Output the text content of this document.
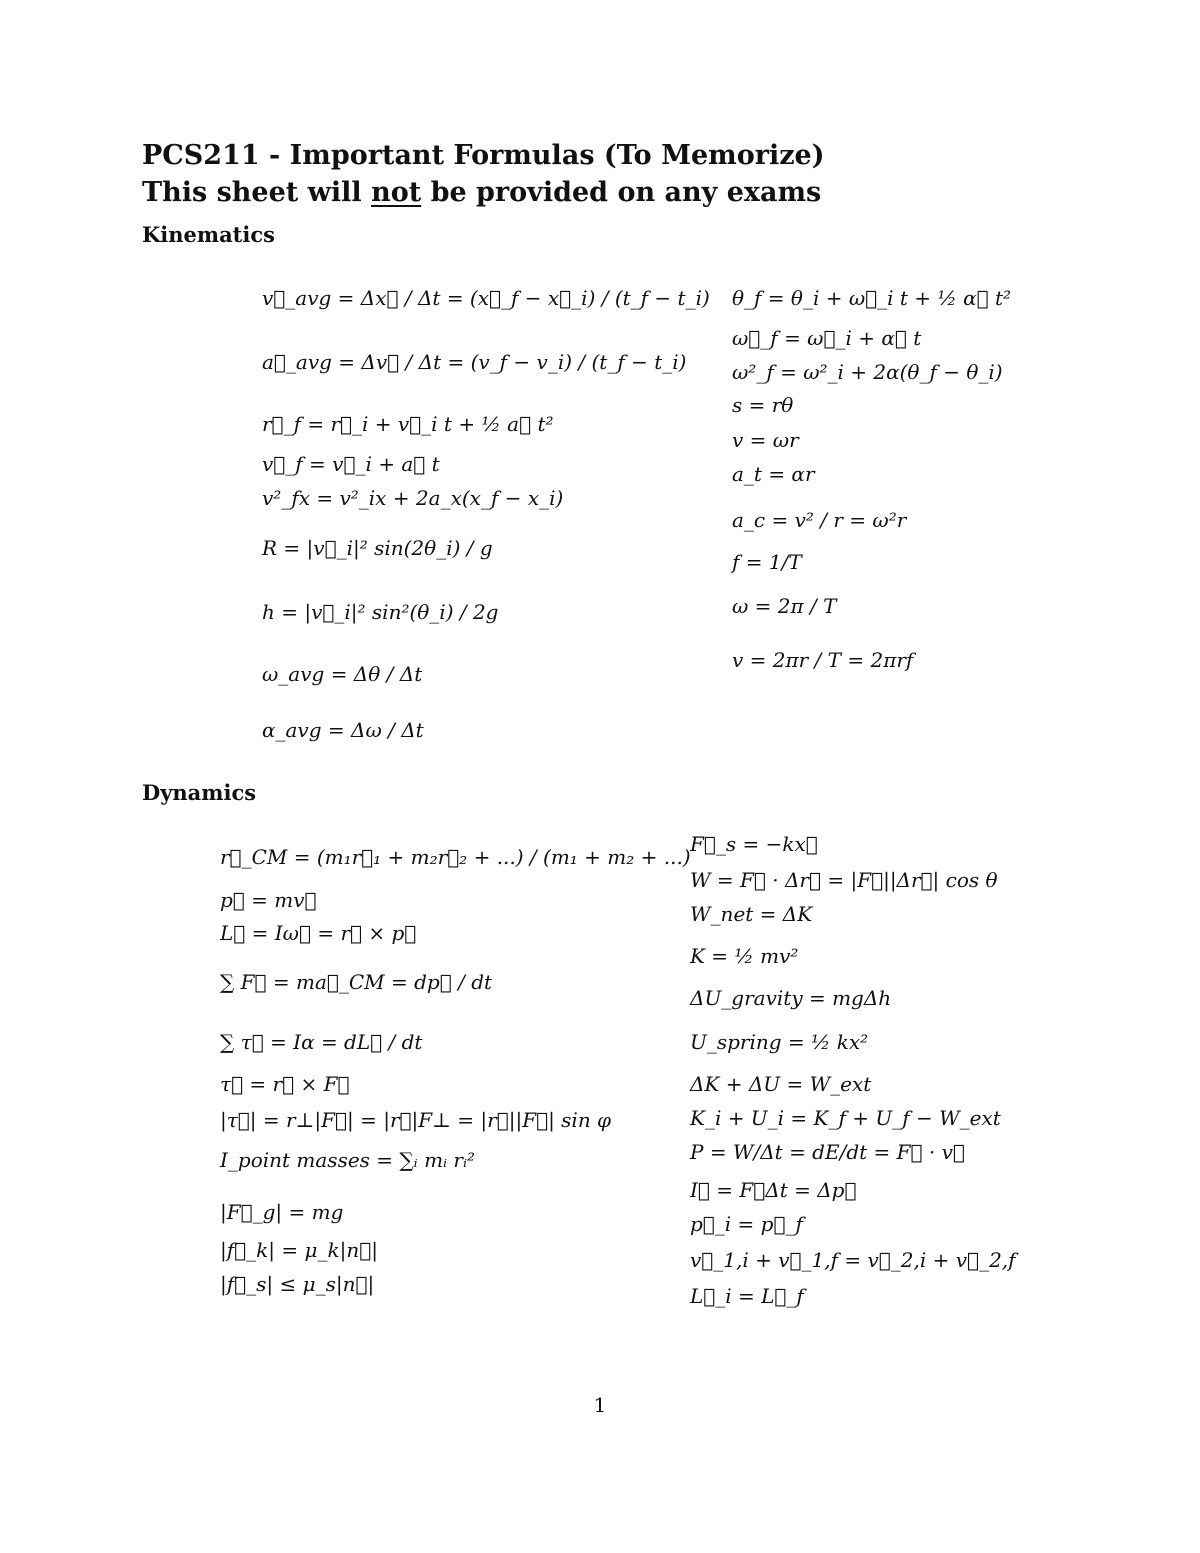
PCS211 - Important Formulas (To Memorize)
This sheet will not be provided on any exams
Kinematics
v⃗_avg = Δx⃗ / Δt = (x⃗_f − x⃗_i) / (t_f − t_i)
a⃗_avg = Δv⃗ / Δt = (v_f − v_i) / (t_f − t_i)
r⃗_f = r⃗_i + v⃗_i t + ½ a⃗ t²
v⃗_f = v⃗_i + a⃗ t
v²_fx = v²_ix + 2a_x(x_f − x_i)
R = |v⃗_i|² sin(2θ_i) / g
h = |v⃗_i|² sin²(θ_i) / 2g
ω_avg = Δθ / Δt
α_avg = Δω / Δt
θ_f = θ_i + ω⃗_i t + ½ α⃗ t²
ω⃗_f = ω⃗_i + α⃗ t
ω²_f = ω²_i + 2α(θ_f − θ_i)
s = rθ
v = ωr
a_t = αr
a_c = v² / r = ω²r
f = 1/T
ω = 2π / T
v = 2πr / T = 2πrf
Dynamics
r⃗_CM = (m₁r⃗₁ + m₂r⃗₂ + ...) / (m₁ + m₂ + ...)
p⃗ = mv⃗
L⃗ = Iω⃗ = r⃗ × p⃗
∑ F⃗ = ma⃗_CM = dp⃗ / dt
∑ τ⃗ = Iα = dL⃗ / dt
τ⃗ = r⃗ × F⃗
|τ⃗| = r⊥|F⃗| = |r⃗|F⊥ = |r⃗||F⃗| sin φ
I_point masses = ∑ᵢ mᵢ rᵢ²
|F⃗_g| = mg
|f⃗_k| = μ_k|n⃗|
|f⃗_s| ≤ μ_s|n⃗|
F⃗_s = −kx⃗
W = F⃗ · Δr⃗ = |F⃗||Δr⃗| cos θ
W_net = ΔK
K = ½ mv²
ΔU_gravity = mgΔh
U_spring = ½ kx²
ΔK + ΔU = W_ext
K_i + U_i = K_f + U_f − W_ext
P = W/Δt = dE/dt = F⃗ · v⃗
I⃗ = F⃗Δt = Δp⃗
p⃗_i = p⃗_f
v⃗_1,i + v⃗_1,f = v⃗_2,i + v⃗_2,f
L⃗_i = L⃗_f
1
